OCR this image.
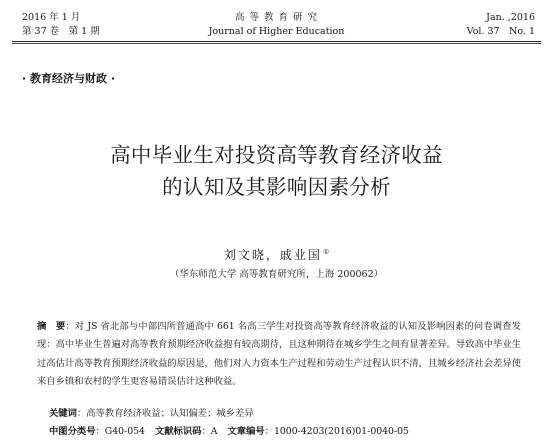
2016 年 1 月
第 37 卷　第 1 期
高 等 教 育 研 究
Journal of Higher Education
Jan. ,2016
Vol. 37　No. 1
· 教育经济与财政 ·
高中毕业生对投资高等教育经济收益
的认知及其影响因素分析
刘文晓，戚业国①
（华东师范大学 高等教育研究所，上海 200062）
摘　要：对 JS 省北部与中部四所普通高中 661 名高三学生对投资高等教育经济收益的认知及影响因素的问卷调查发现：高中毕业生普遍对高等教育预期经济收益抱有较高期待，且这种期待在城乡学生之间有显著差异。导致高中毕业生过高估计高等教育预期经济收益的原因是，他们对人力资本生产过程和劳动生产过程认识不清，且城乡经济社会差异使来自乡镇和农村的学生更容易错误估计这种收益。
关键词：高等教育经济收益；认知偏差；城乡差异
中图分类号：G40-054 文献标识码：A 文章编号：1000-4203(2016)01-0040-05
